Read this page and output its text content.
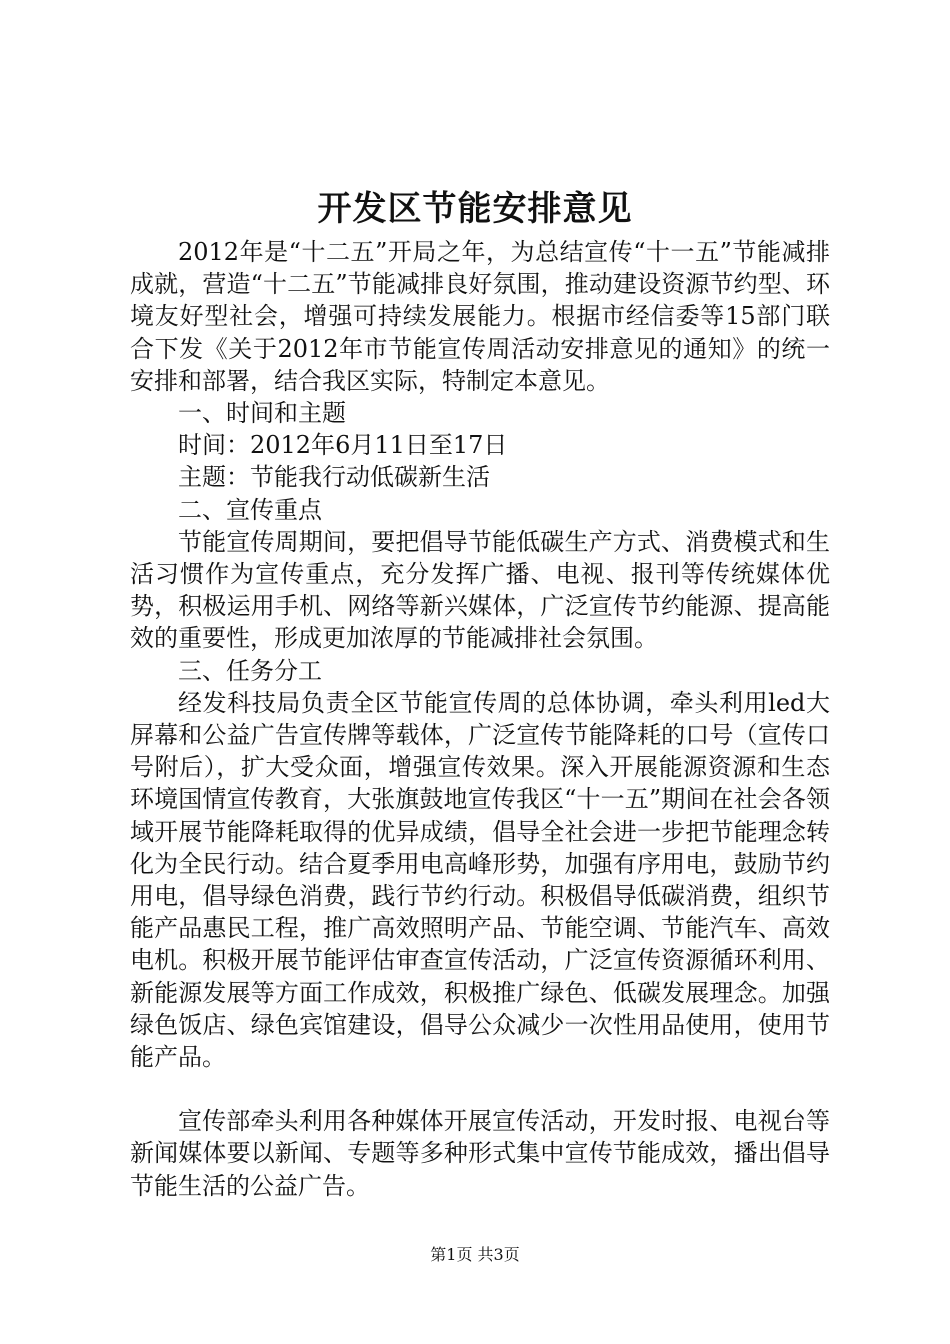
开发区节能安排意见

2012年是“十二五”开局之年，为总结宣传“十一五”节能减排成就，营造“十二五”节能减排良好氛围，推动建设资源节约型、环境友好型社会，增强可持续发展能力。根据市经信委等15部门联合下发《关于2012年市节能宣传周活动安排意见的通知》的统一安排和部署，结合我区实际，特制定本意见。

一、时间和主题

时间：2012年6月11日至17日

主题：节能我行动低碳新生活

二、宣传重点

节能宣传周期间，要把倡导节能低碳生产方式、消费模式和生活习惯作为宣传重点，充分发挥广播、电视、报刊等传统媒体优势，积极运用手机、网络等新兴媒体，广泛宣传节约能源、提高能效的重要性，形成更加浓厚的节能减排社会氛围。

三、任务分工

经发科技局负责全区节能宣传周的总体协调，牵头利用led大屏幕和公益广告宣传牌等载体，广泛宣传节能降耗的口号（宣传口号附后），扩大受众面，增强宣传效果。深入开展能源资源和生态环境国情宣传教育，大张旗鼓地宣传我区“十一五”期间在社会各领域开展节能降耗取得的优异成绩，倡导全社会进一步把节能理念转化为全民行动。结合夏季用电高峰形势，加强有序用电，鼓励节约用电，倡导绿色消费，践行节约行动。积极倡导低碳消费，组织节能产品惠民工程，推广高效照明产品、节能空调、节能汽车、高效电机。积极开展节能评估审查宣传活动，广泛宣传资源循环利用、新能源发展等方面工作成效，积极推广绿色、低碳发展理念。加强绿色饭店、绿色宾馆建设，倡导公众减少一次性用品使用，使用节能产品。

宣传部牵头利用各种媒体开展宣传活动，开发时报、电视台等新闻媒体要以新闻、专题等多种形式集中宣传节能成效，播出倡导节能生活的公益广告。

第1页 共3页
